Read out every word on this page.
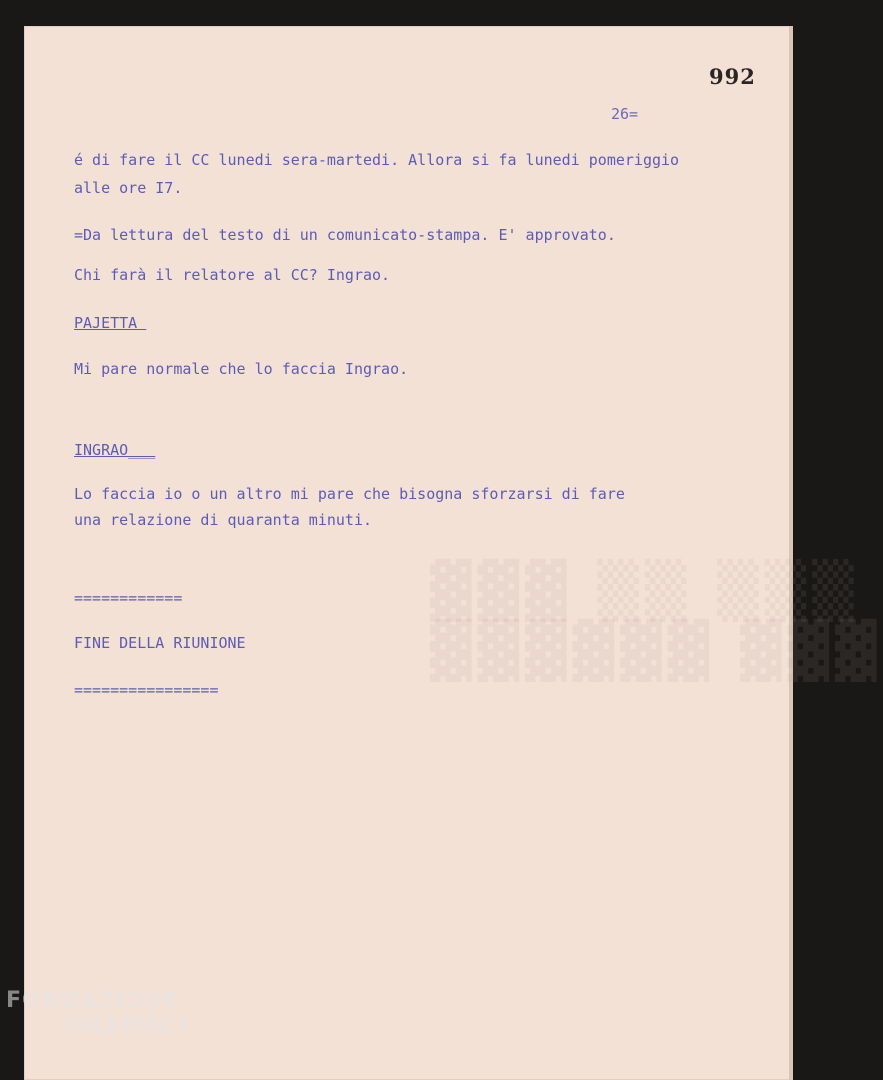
▓▓▓
992
26=
é di fare il CC lunedi sera-martedi. Allora si fa lunedi pomeriggio
alle ore I7.
=Da lettura del testo di un comunicato-stampa. E' approvato.
Chi farà il relatore al CC? Ingrao.
PAJETTA
Mi pare normale che lo faccia Ingrao.
INGRAO___
Lo faccia io o un altro mi pare che bisogna sforzarsi di fare
una relazione di quaranta minuti.
============
FINE DELLA RIUNIONE
================
FONDAZIONE
GRAMSCI
